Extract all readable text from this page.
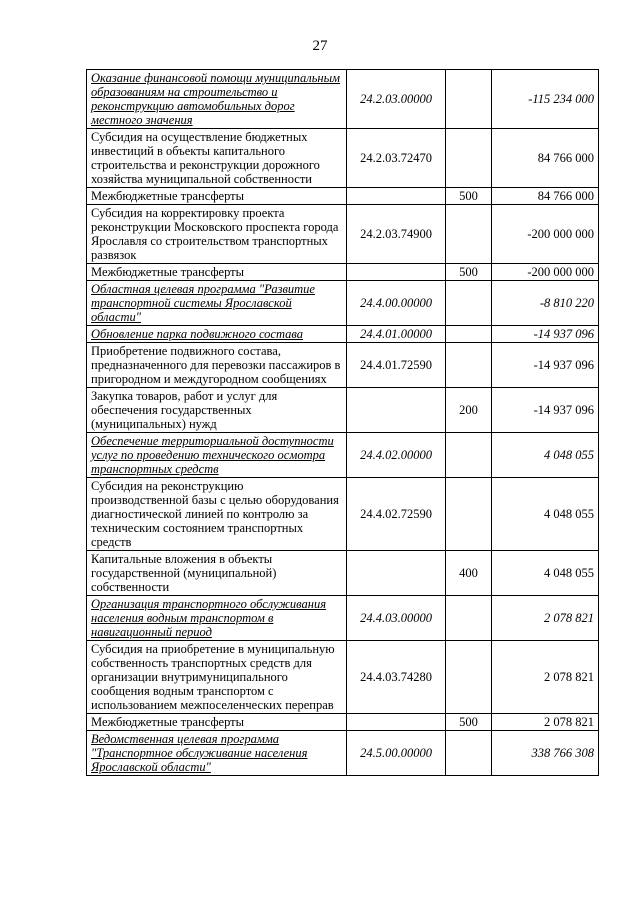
27
Оказание финансовой помощи муниципальным образованиям на строительство и реконструкцию автомобильных дорог местного значения	24.2.03.00000		-115 234 000
Субсидия на осуществление бюджетных инвестиций в объекты капитального строительства и реконструкции дорожного хозяйства муниципальной собственности	24.2.03.72470		84 766 000
Межбюджетные трансферты		500	84 766 000
Субсидия на корректировку проекта реконструкции Московского проспекта города Ярославля со строительством транспортных развязок	24.2.03.74900		-200 000 000
Межбюджетные трансферты		500	-200 000 000
Областная целевая программа "Развитие транспортной системы Ярославской области"	24.4.00.00000		-8 810 220
Обновление парка подвижного состава	24.4.01.00000		-14 937 096
Приобретение подвижного состава, предназначенного для перевозки пассажиров в пригородном и междугородном сообщениях	24.4.01.72590		-14 937 096
Закупка товаров, работ и услуг для обеспечения государственных (муниципальных) нужд		200	-14 937 096
Обеспечение территориальной доступности услуг по проведению технического осмотра транспортных средств	24.4.02.00000		4 048 055
Субсидия на реконструкцию производственной базы с целью оборудования диагностической линией по контролю за техническим состоянием транспортных средств	24.4.02.72590		4 048 055
Капитальные вложения в объекты государственной (муниципальной) собственности		400	4 048 055
Организация транспортного обслуживания населения водным транспортом в навигационный период	24.4.03.00000		2 078 821
Субсидия на приобретение в муниципальную собственность транспортных средств для организации внутримуниципального сообщения водным транспортом с использованием межпоселенческих переправ	24.4.03.74280		2 078 821
Межбюджетные трансферты		500	2 078 821
Ведомственная целевая программа "Транспортное обслуживание населения Ярославской области"	24.5.00.00000		338 766 308
